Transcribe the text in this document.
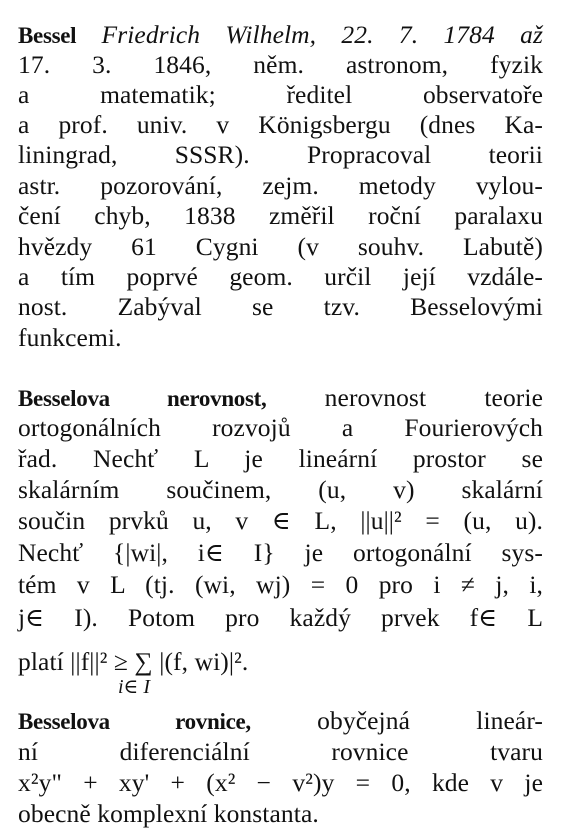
Bessel Friedrich Wilhelm, 22. 7. 1784 až
17. 3. 1846, něm. astronom, fyzik
a matematik; ředitel observatoře
a prof. univ. v Königsbergu (dnes Ka-
liningrad, SSSR). Propracoval teorii
astr. pozorování, zejm. metody vylou-
čení chyb, 1838 změřil roční paralaxu
hvězdy 61 Cygni (v souhv. Labutě)
a tím poprvé geom. určil její vzdále-
nost. Zabýval se tzv. Besselovými
funkcemi.
Besselova nerovnost, nerovnost teorie
ortogonálních rozvojů a Fourierových
řad. Nechť L je lineární prostor se
skalárním součinem, (u, v) skalární
součin prvků u, v ∈ L, ||u||² = (u, u).
Nechť {|wi|, i∈ I} je ortogonální sys-
tém v L (tj. (wi, wj) = 0 pro i ≠ j, i,
j∈ I). Potom pro každý prvek f∈ L
platí ||f||² ≥ ∑ |(f, wi)|².
i∈ I
Besselova rovnice,	obyčejná lineár-
ní diferenciální rovnice tvaru
x²y" + xy' + (x² − v²)y = 0, kde v je
obecně komplexní konstanta.
